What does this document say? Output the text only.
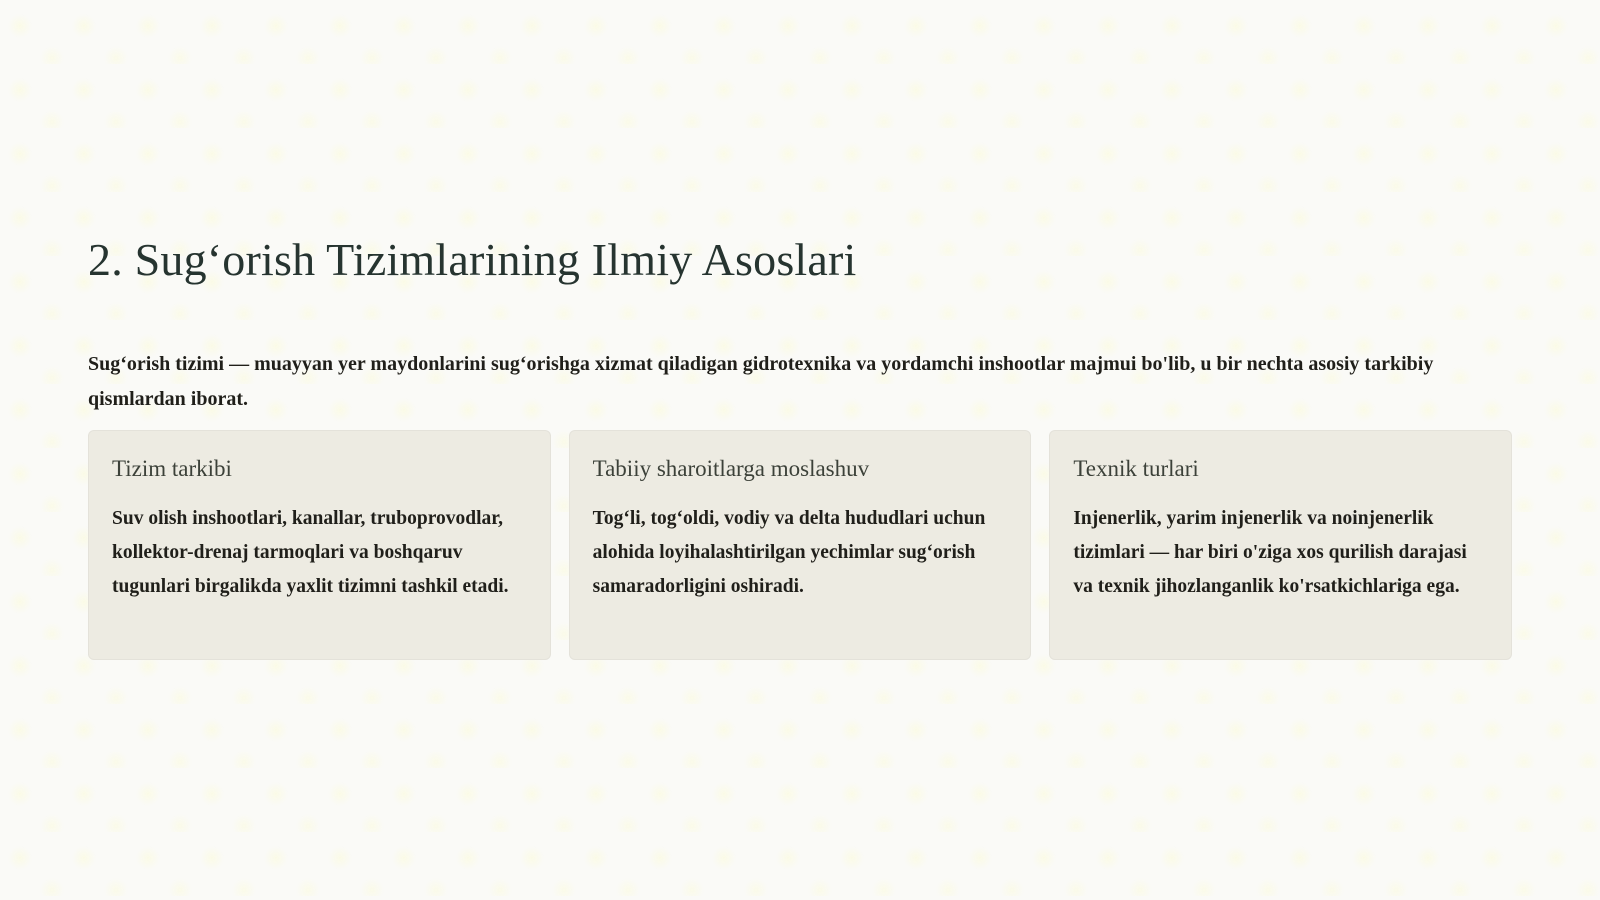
2. Sugʻorish Tizimlarining Ilmiy Asoslari

Sugʻorish tizimi — muayyan yer maydonlarini sugʻorishga xizmat qiladigan gidrotexnika va yordamchi inshootlar majmui bo'lib, u bir nechta asosiy tarkibiy qismlardan iborat.

Tizim tarkibi

Suv olish inshootlari, kanallar, truboprovodlar, kollektor-drenaj tarmoqlari va boshqaruv tugunlari birgalikda yaxlit tizimni tashkil etadi.

Tabiiy sharoitlarga moslashuv

Togʻli, togʻoldi, vodiy va delta hududlari uchun alohida loyihalashtirilgan yechimlar sugʻorish samaradorligini oshiradi.

Texnik turlari

Injenerlik, yarim injenerlik va noinjenerlik tizimlari — har biri o'ziga xos qurilish darajasi va texnik jihozlanganlik ko'rsatkichlariga ega.
